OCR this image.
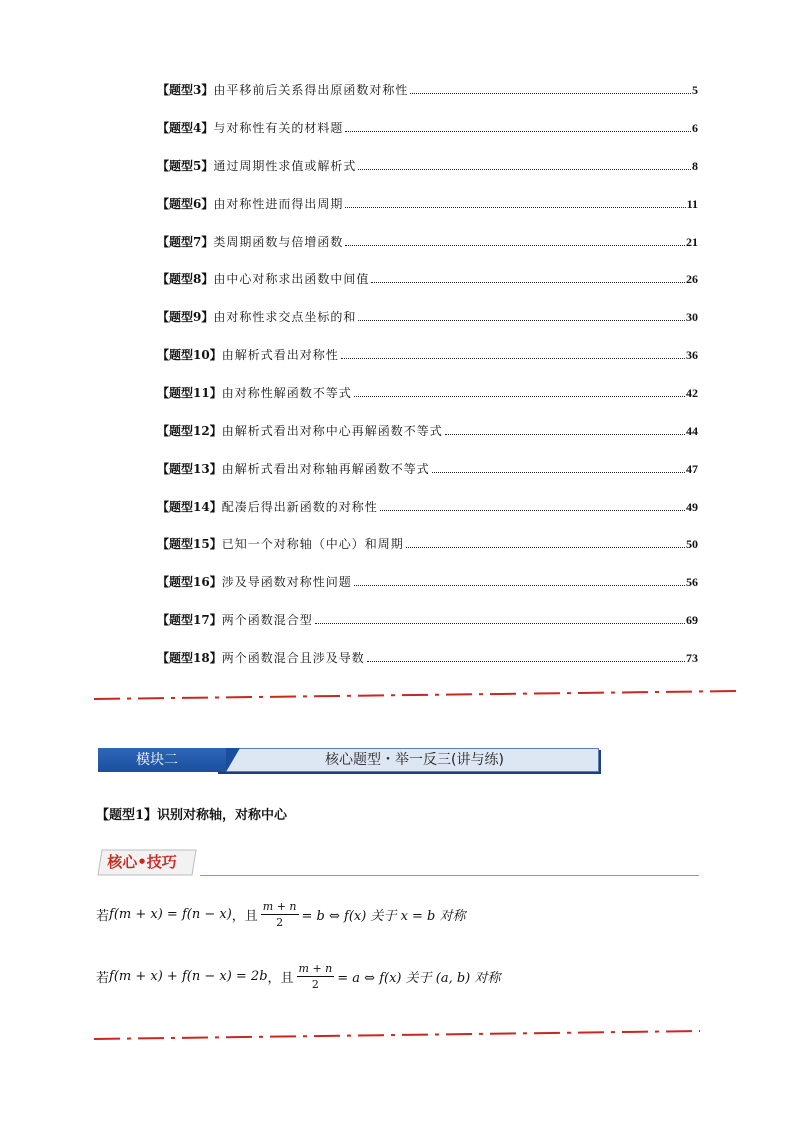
【题型3】 由平移前后关系得出原函数对称性	5
【题型4】 与对称性有关的材料题	6
【题型5】 通过周期性求值或解析式	8
【题型6】 由对称性进而得出周期	11
【题型7】 类周期函数与倍增函数	21
【题型8】 由中心对称求出函数中间值	26
【题型9】 由对称性求交点坐标的和	30
【题型10】 由解析式看出对称性	36
【题型11】 由对称性解函数不等式	42
【题型12】 由解析式看出对称中心再解函数不等式	44
【题型13】 由解析式看出对称轴再解函数不等式	47
【题型14】 配凑后得出新函数的对称性	49
【题型15】 已知一个对称轴（中心）和周期	50
【题型16】 涉及导函数对称性问题	56
【题型17】 两个函数混合型	69
【题型18】 两个函数混合且涉及导数	73
核心题型・举一反三(讲与练)
模块二
【题型1】识别对称轴，对称中心
核心•技巧
若 f(m + x) = f(n − x) ，且 $\frac{m + n}{2} = b$ ⇔ f(x) 关于 x = b 对称
若 f(m + x) + f(n − x) = 2b ，且 $\frac{m + n}{2} = a$ ⇔ f(x) 关于 (a, b) 对称
